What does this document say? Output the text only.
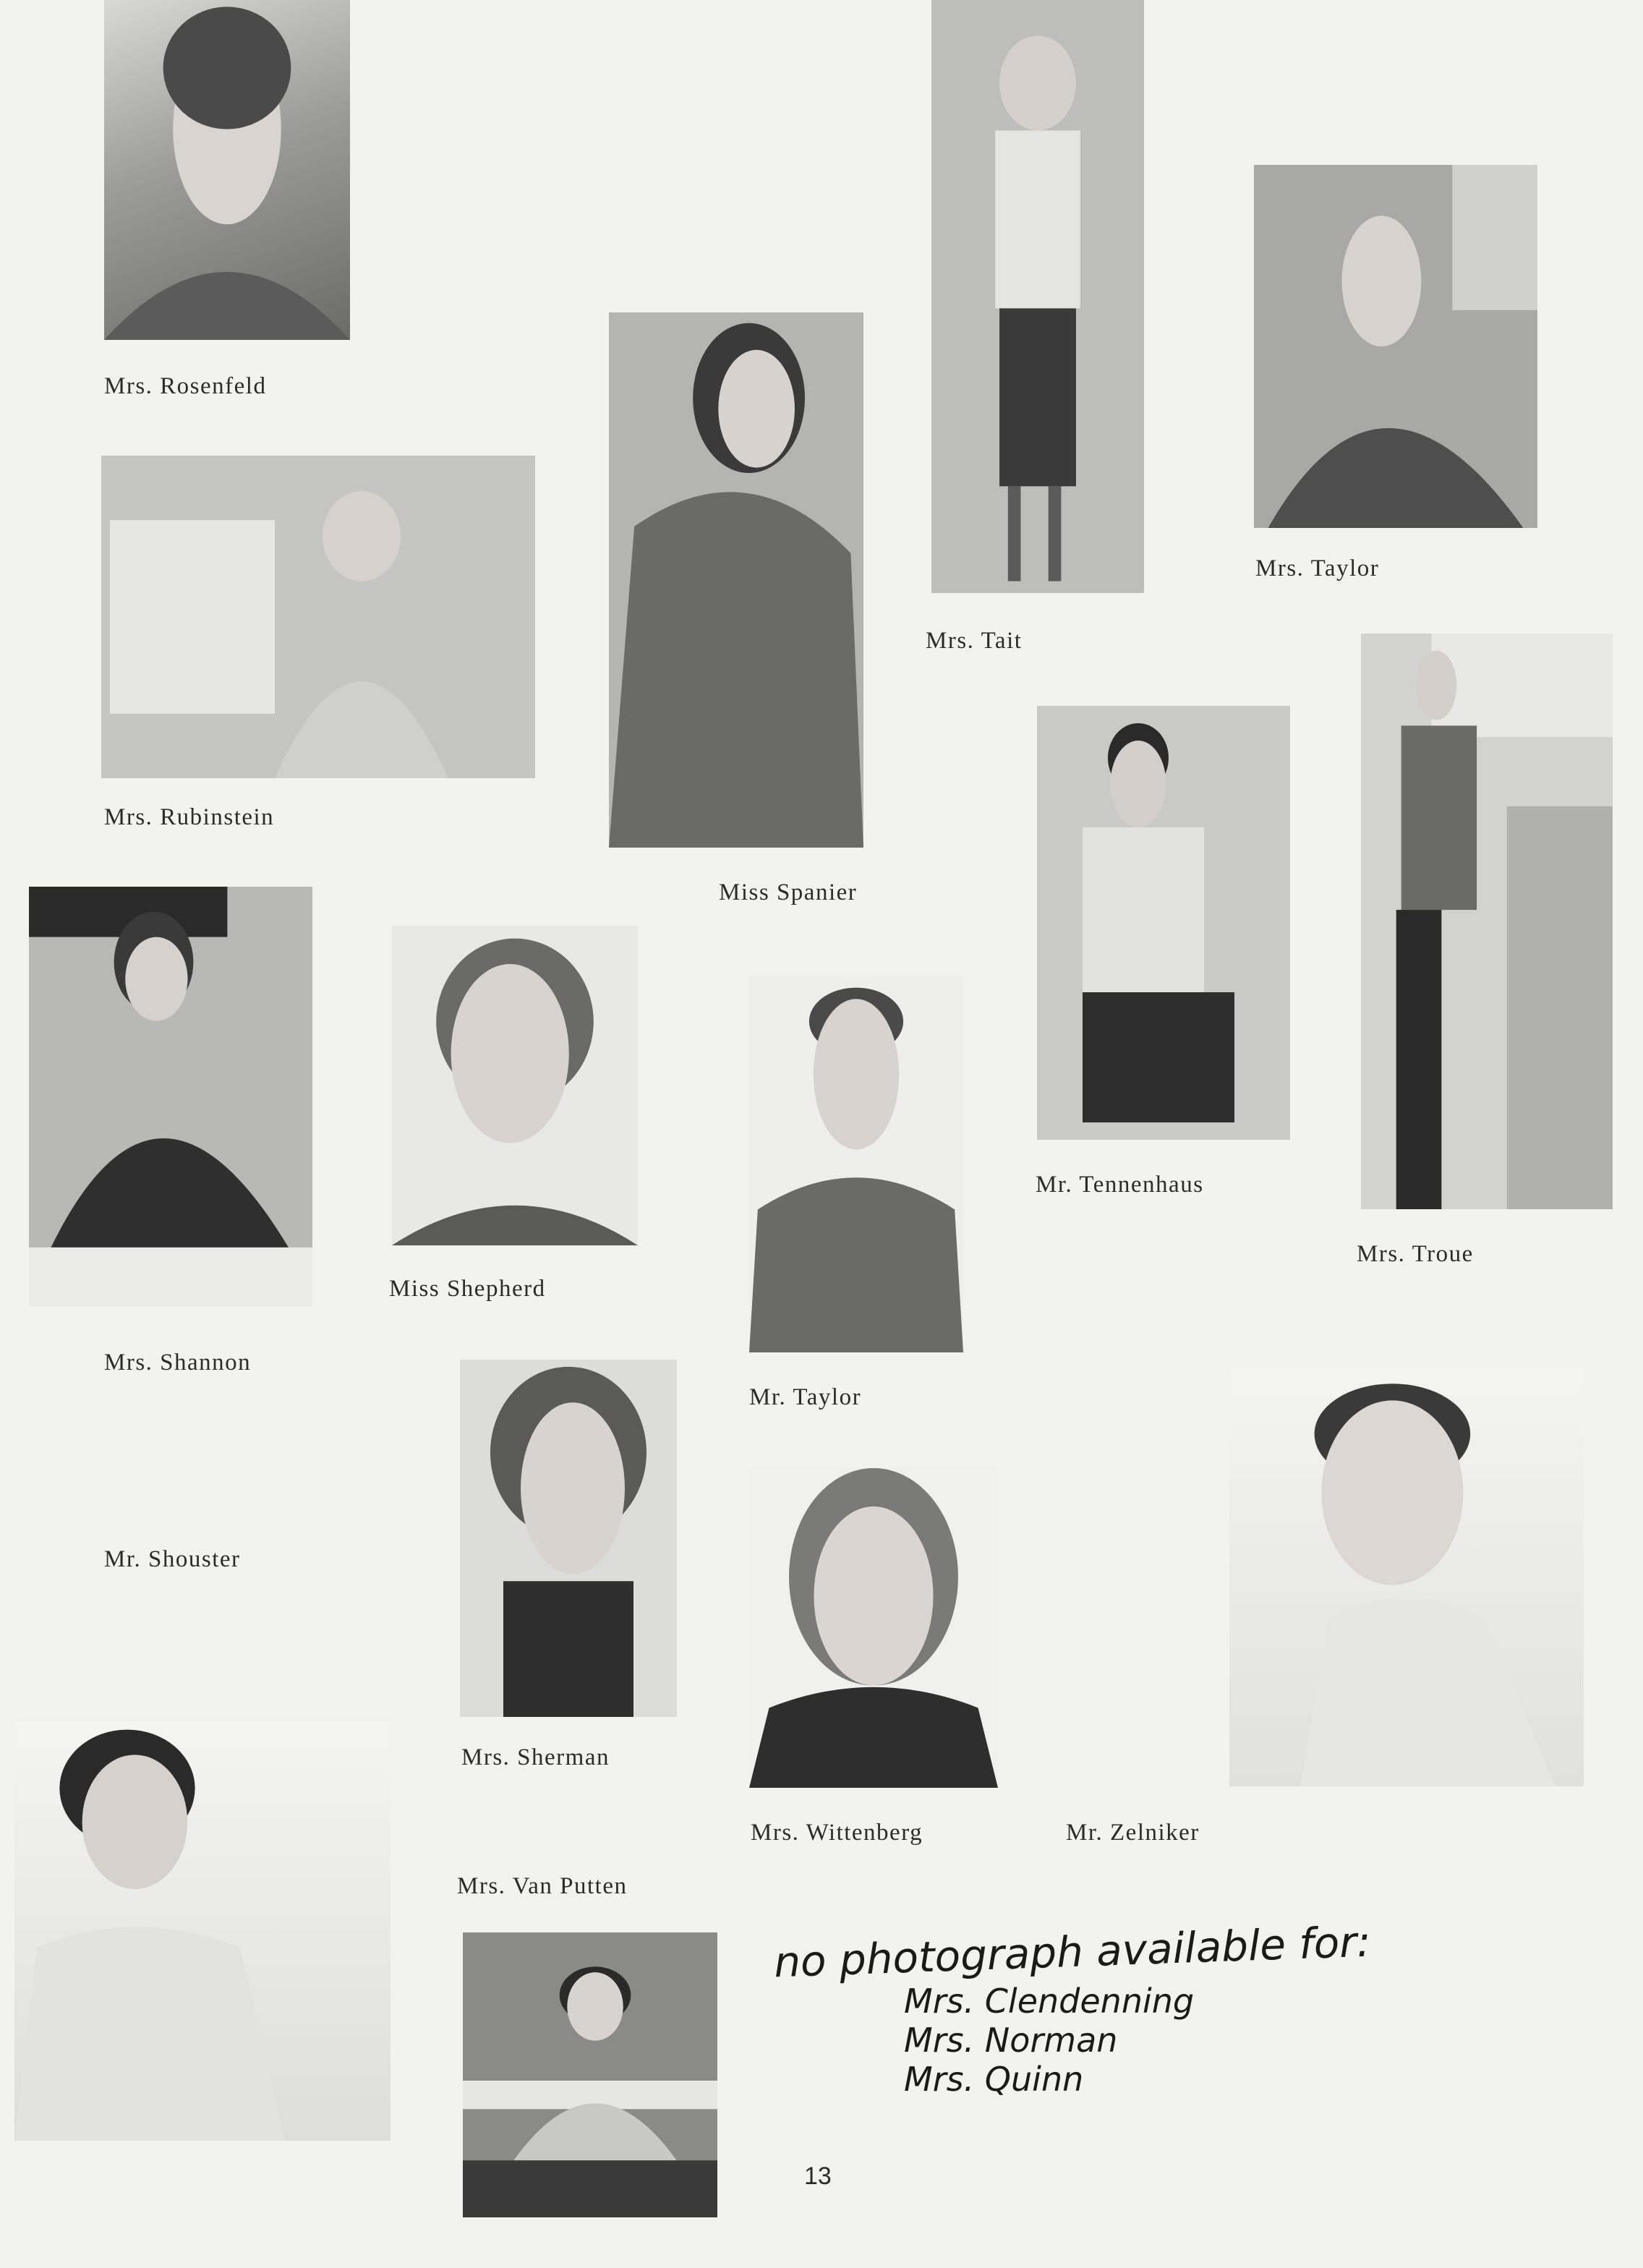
Mrs. Rosenfeld
Mrs. Tait
Mrs. Taylor
Mrs. Rubinstein
Miss Spanier
Mr. Tennenhaus
Mrs. Troue
Mrs. Shannon
Miss Shepherd
Mr. Taylor
Mr. Shouster
Mrs. Sherman
Mrs. Wittenberg	Mr. Zelniker
Mrs. Van Putten
no photograph available for:
Mrs. Clendenning
Mrs. Norman
Mrs. Quinn
13
